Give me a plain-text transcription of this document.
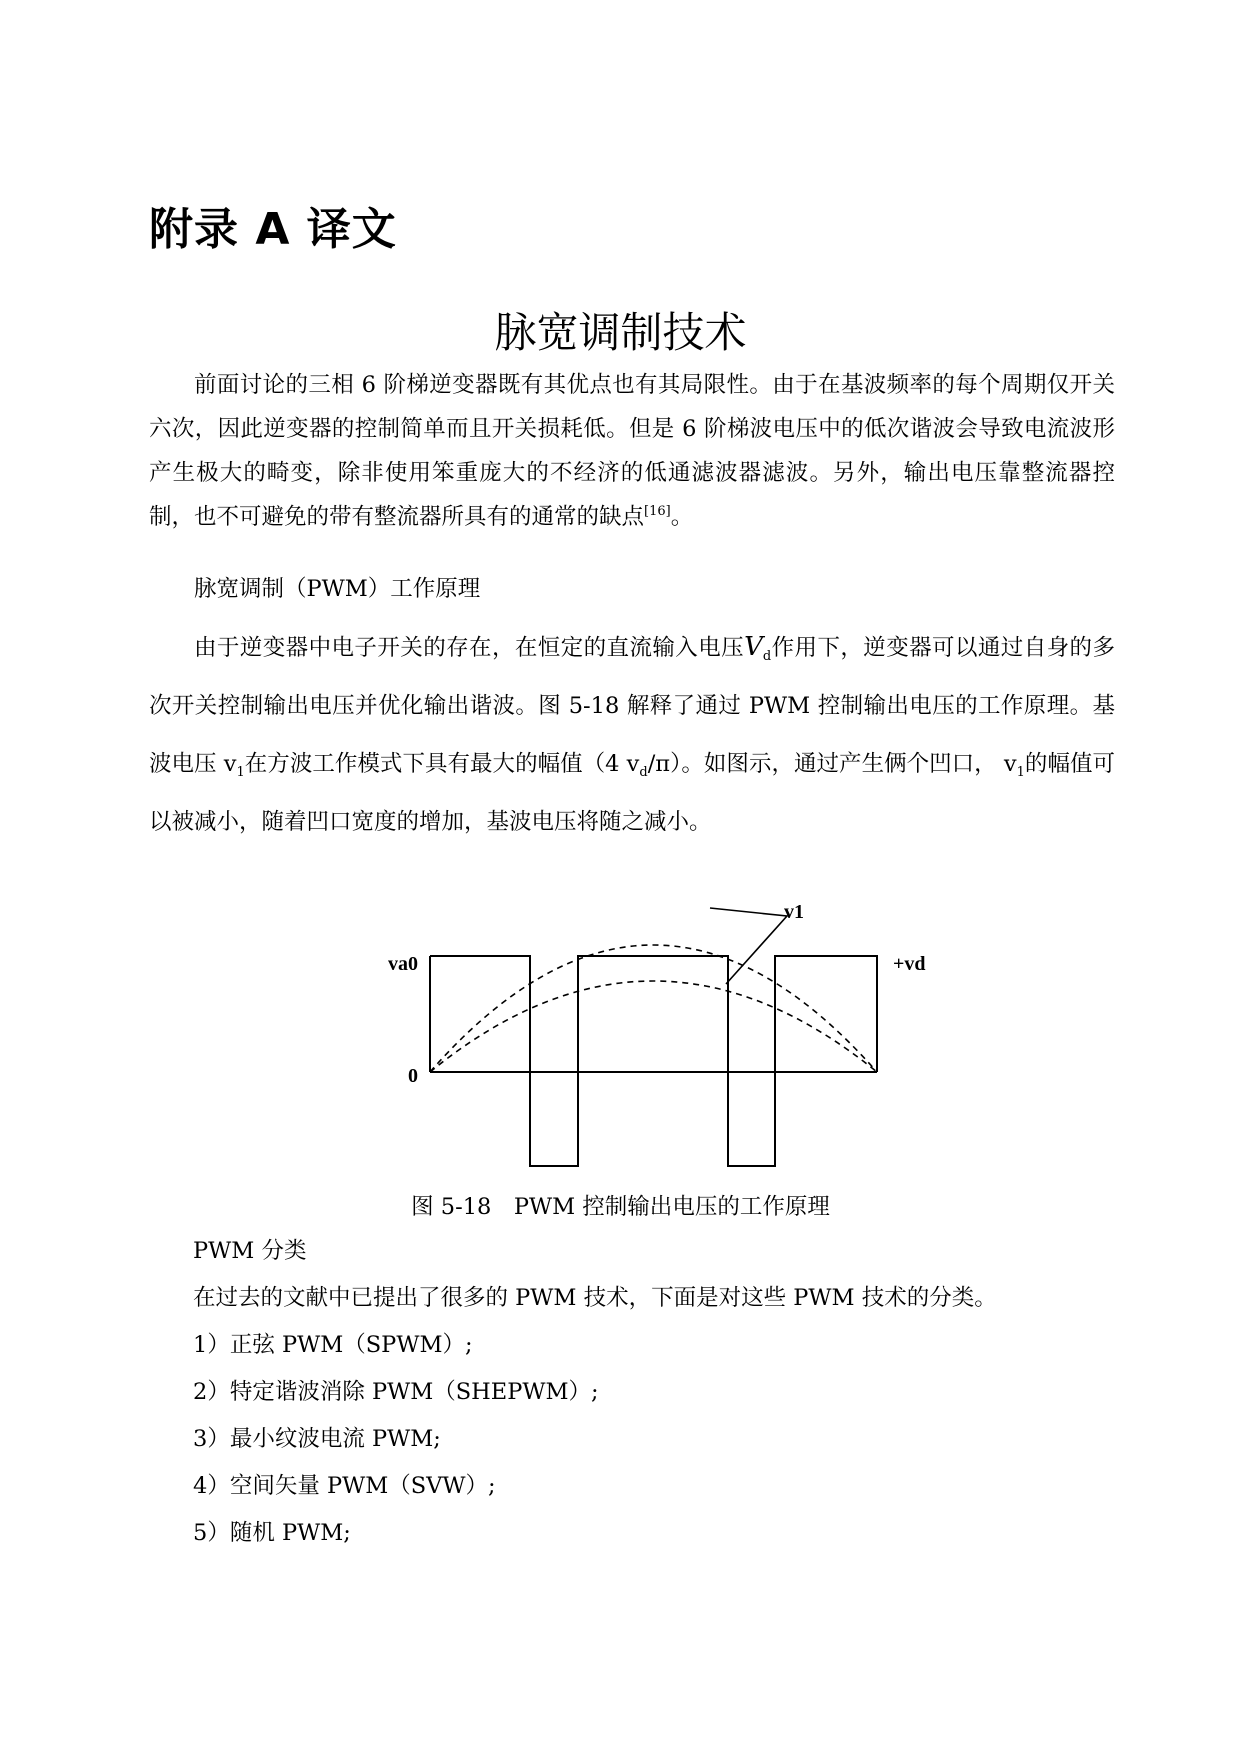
附录 A 译文
脉宽调制技术

前面讨论的三相 6 阶梯逆变器既有其优点也有其局限性。由于在基波频率的每个周期仅开关六次，因此逆变器的控制简单而且开关损耗低。但是 6 阶梯波电压中的低次谐波会导致电流波形产生极大的畸变，除非使用笨重庞大的不经济的低通滤波器滤波。另外，输出电压靠整流器控制，也不可避免的带有整流器所具有的通常的缺点[16]。

脉宽调制（PWM）工作原理

由于逆变器中电子开关的存在，在恒定的直流输入电压$V_d$作用下，逆变器可以通过自身的多次开关控制输出电压并优化输出谐波。图 5-18 解释了通过 PWM 控制输出电压的工作原理。基波电压 $v_1$在方波工作模式下具有最大的幅值（4 $v_d/\pi$）。如图示，通过产生俩个凹口， $v_1$的幅值可以被减小，随着凹口宽度的增加，基波电压将随之减小。

v1
va0	+vd
0
图 5-18　PWM 控制输出电压的工作原理

PWM 分类

在过去的文献中已提出了很多的 PWM 技术，下面是对这些 PWM 技术的分类。

1）正弦 PWM（SPWM）;

2）特定谐波消除 PWM（SHEPWM）;

3）最小纹波电流 PWM;

4）空间矢量 PWM（SVW）;

5）随机 PWM;
